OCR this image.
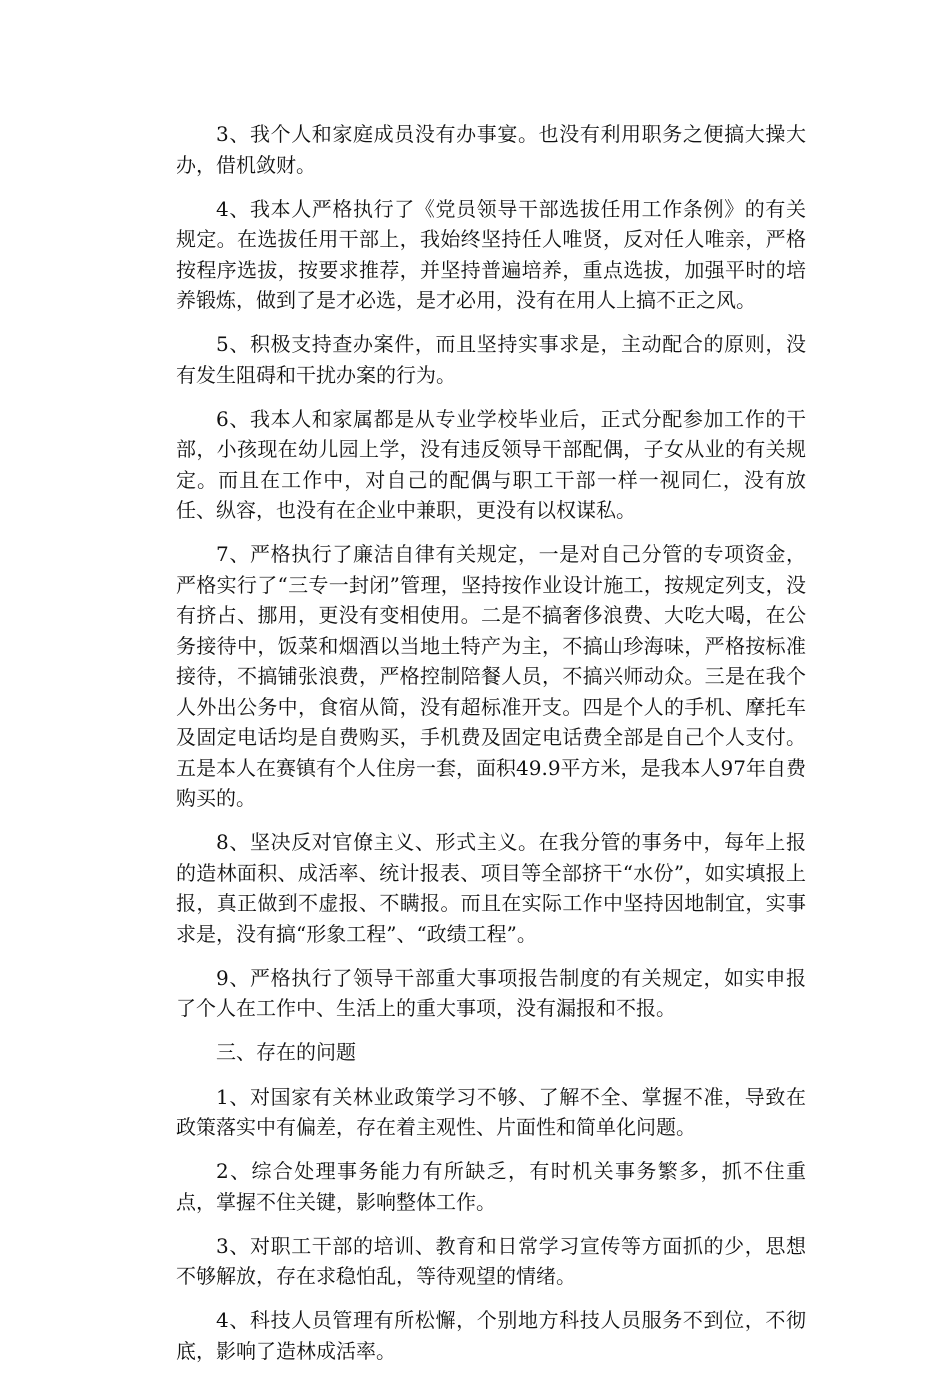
3、我个人和家庭成员没有办事宴。也没有利用职务之便搞大操大办，借机敛财。

4、我本人严格执行了《党员领导干部选拔任用工作条例》的有关规定。在选拔任用干部上，我始终坚持任人唯贤，反对任人唯亲，严格按程序选拔，按要求推荐，并坚持普遍培养，重点选拔，加强平时的培养锻炼，做到了是才必选，是才必用，没有在用人上搞不正之风。

5、积极支持查办案件，而且坚持实事求是，主动配合的原则，没有发生阻碍和干扰办案的行为。

6、我本人和家属都是从专业学校毕业后，正式分配参加工作的干部，小孩现在幼儿园上学，没有违反领导干部配偶，子女从业的有关规定。而且在工作中，对自己的配偶与职工干部一样一视同仁，没有放任、纵容，也没有在企业中兼职，更没有以权谋私。

7、严格执行了廉洁自律有关规定，一是对自己分管的专项资金，严格实行了“三专一封闭”管理，坚持按作业设计施工，按规定列支，没有挤占、挪用，更没有变相使用。二是不搞奢侈浪费、大吃大喝，在公务接待中，饭菜和烟酒以当地土特产为主，不搞山珍海味，严格按标准接待，不搞铺张浪费，严格控制陪餐人员，不搞兴师动众。三是在我个人外出公务中，食宿从简，没有超标准开支。四是个人的手机、摩托车及固定电话均是自费购买，手机费及固定电话费全部是自己个人支付。五是本人在赛镇有个人住房一套，面积49.9平方米，是我本人97年自费购买的。

8、坚决反对官僚主义、形式主义。在我分管的事务中，每年上报的造林面积、成活率、统计报表、项目等全部挤干“水份”，如实填报上报，真正做到不虚报、不瞒报。而且在实际工作中坚持因地制宜，实事求是，没有搞“形象工程”、“政绩工程”。

9、严格执行了领导干部重大事项报告制度的有关规定，如实申报了个人在工作中、生活上的重大事项，没有漏报和不报。

三、存在的问题

1、对国家有关林业政策学习不够、了解不全、掌握不准，导致在政策落实中有偏差，存在着主观性、片面性和简单化问题。

2、综合处理事务能力有所缺乏，有时机关事务繁多，抓不住重点，掌握不住关键，影响整体工作。

3、对职工干部的培训、教育和日常学习宣传等方面抓的少，思想不够解放，存在求稳怕乱，等待观望的情绪。

4、科技人员管理有所松懈，个别地方科技人员服务不到位，不彻底，影响了造林成活率。
